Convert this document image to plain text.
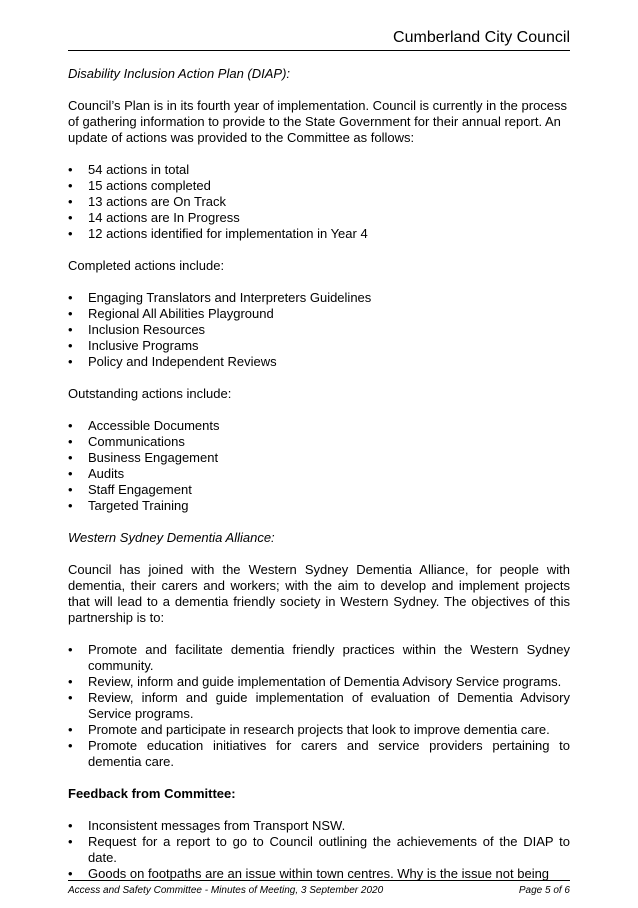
Cumberland City Council
Disability Inclusion Action Plan (DIAP):

Council’s Plan is in its fourth year of implementation. Council is currently in the process of gathering information to provide to the State Government for their annual report. An update of actions was provided to the Committee as follows:

• 54 actions in total
• 15 actions completed
• 13 actions are On Track
• 14 actions are In Progress
• 12 actions identified for implementation in Year 4

Completed actions include:

• Engaging Translators and Interpreters Guidelines
• Regional All Abilities Playground
• Inclusion Resources
• Inclusive Programs
• Policy and Independent Reviews

Outstanding actions include:

• Accessible Documents
• Communications
• Business Engagement
• Audits
• Staff Engagement
• Targeted Training
Western Sydney Dementia Alliance:

Council has joined with the Western Sydney Dementia Alliance, for people with dementia, their carers and workers; with the aim to develop and implement projects that will lead to a dementia friendly society in Western Sydney. The objectives of this partnership is to:

• Promote and facilitate dementia friendly practices within the Western Sydney community.
• Review, inform and guide implementation of Dementia Advisory Service programs.
• Review, inform and guide implementation of evaluation of Dementia Advisory Service programs.
• Promote and participate in research projects that look to improve dementia care.
• Promote education initiatives for carers and service providers pertaining to dementia care.
Feedback from Committee:
• Inconsistent messages from Transport NSW.
• Request for a report to go to Council outlining the achievements of the DIAP to date.
• Goods on footpaths are an issue within town centres. Why is the issue not being
Access and Safety Committee - Minutes of Meeting, 3 September 2020	Page 5 of 6
